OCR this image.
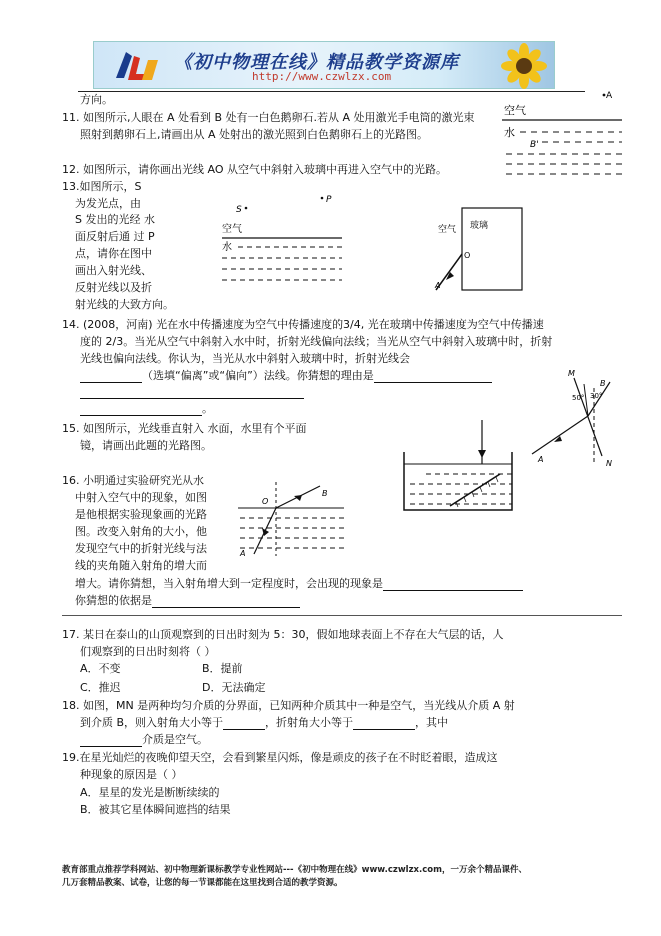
《初中物理在线》精品教学资源库
http://www.czwlzx.com
方向。
11. 如图所示,人眼在 A 处看到 B 处有一白色鹅卵石.若从 A 处用激光手电筒的激光束
照射到鹅卵石上,请画出从 A 处射出的激光照到白色鹅卵石上的光路图。
A
空气
水
B'
12. 如图所示，请你画出光线 AO 从空气中斜射入玻璃中再进入空气中的光路。
13.如图所示，S
为发光点，由
S 发出的光经 水
面反射后通 过 P
点，请你在图中
画出入射光线、
反射光线以及折
射光线的大致方向。
S
P
空气
水
空气 玻璃
O
A
14. (2008，河南) 光在水中传播速度为空气中传播速度的3/4, 光在玻璃中传播速度为空气中传播速
度的 2/3。当光从空气中斜射入水中时，折射光线偏向法线；当光从空气中斜射入玻璃中时，折射
光线也偏向法线。你认为，当光从水中斜射入玻璃中时，折射光线会
（选填“偏离”或“偏向”）法线。你猜想的理由是
。
M
N
B
A
50° 30°
15. 如图所示，光线垂直射入 水面，水里有个平面
镜，请画出此题的光路图。
16. 小明通过实验研究光从水
中射入空气中的现象，如图
是他根据实验现象画的光路
图。改变入射角的大小，他
发现空气中的折射光线与法
线的夹角随入射角的增大而
增大。请你猜想，当入射角增大到一定程度时，会出现的现象是
你猜想的依据是
O
B
A
17. 某日在泰山的山顶观察到的日出时刻为 5：30，假如地球表面上不存在大气层的话，人
们观察到的日出时刻将（ ）
A．不变	B．提前
C．推迟	D．无法确定
18. 如图，MN 是两种均匀介质的分界面，已知两种介质其中一种是空气，当光线从介质 A 射
到介质 B，则入射角大小等于	，折射角大小等于	，其中
介质是空气。
19.在星光灿烂的夜晚仰望天空，会看到繁星闪烁，像是顽皮的孩子在不时眨着眼，造成这
种现象的原因是（ ）
A．星星的发光是断断续续的
B．被其它星体瞬间遮挡的结果
教育部重点推荐学科网站、初中物理新课标教学专业性网站---《初中物理在线》www.czwlzx.com，一万余个精品课件、
几万套精品教案、试卷，让您的每一节课都能在这里找到合适的教学资源。
